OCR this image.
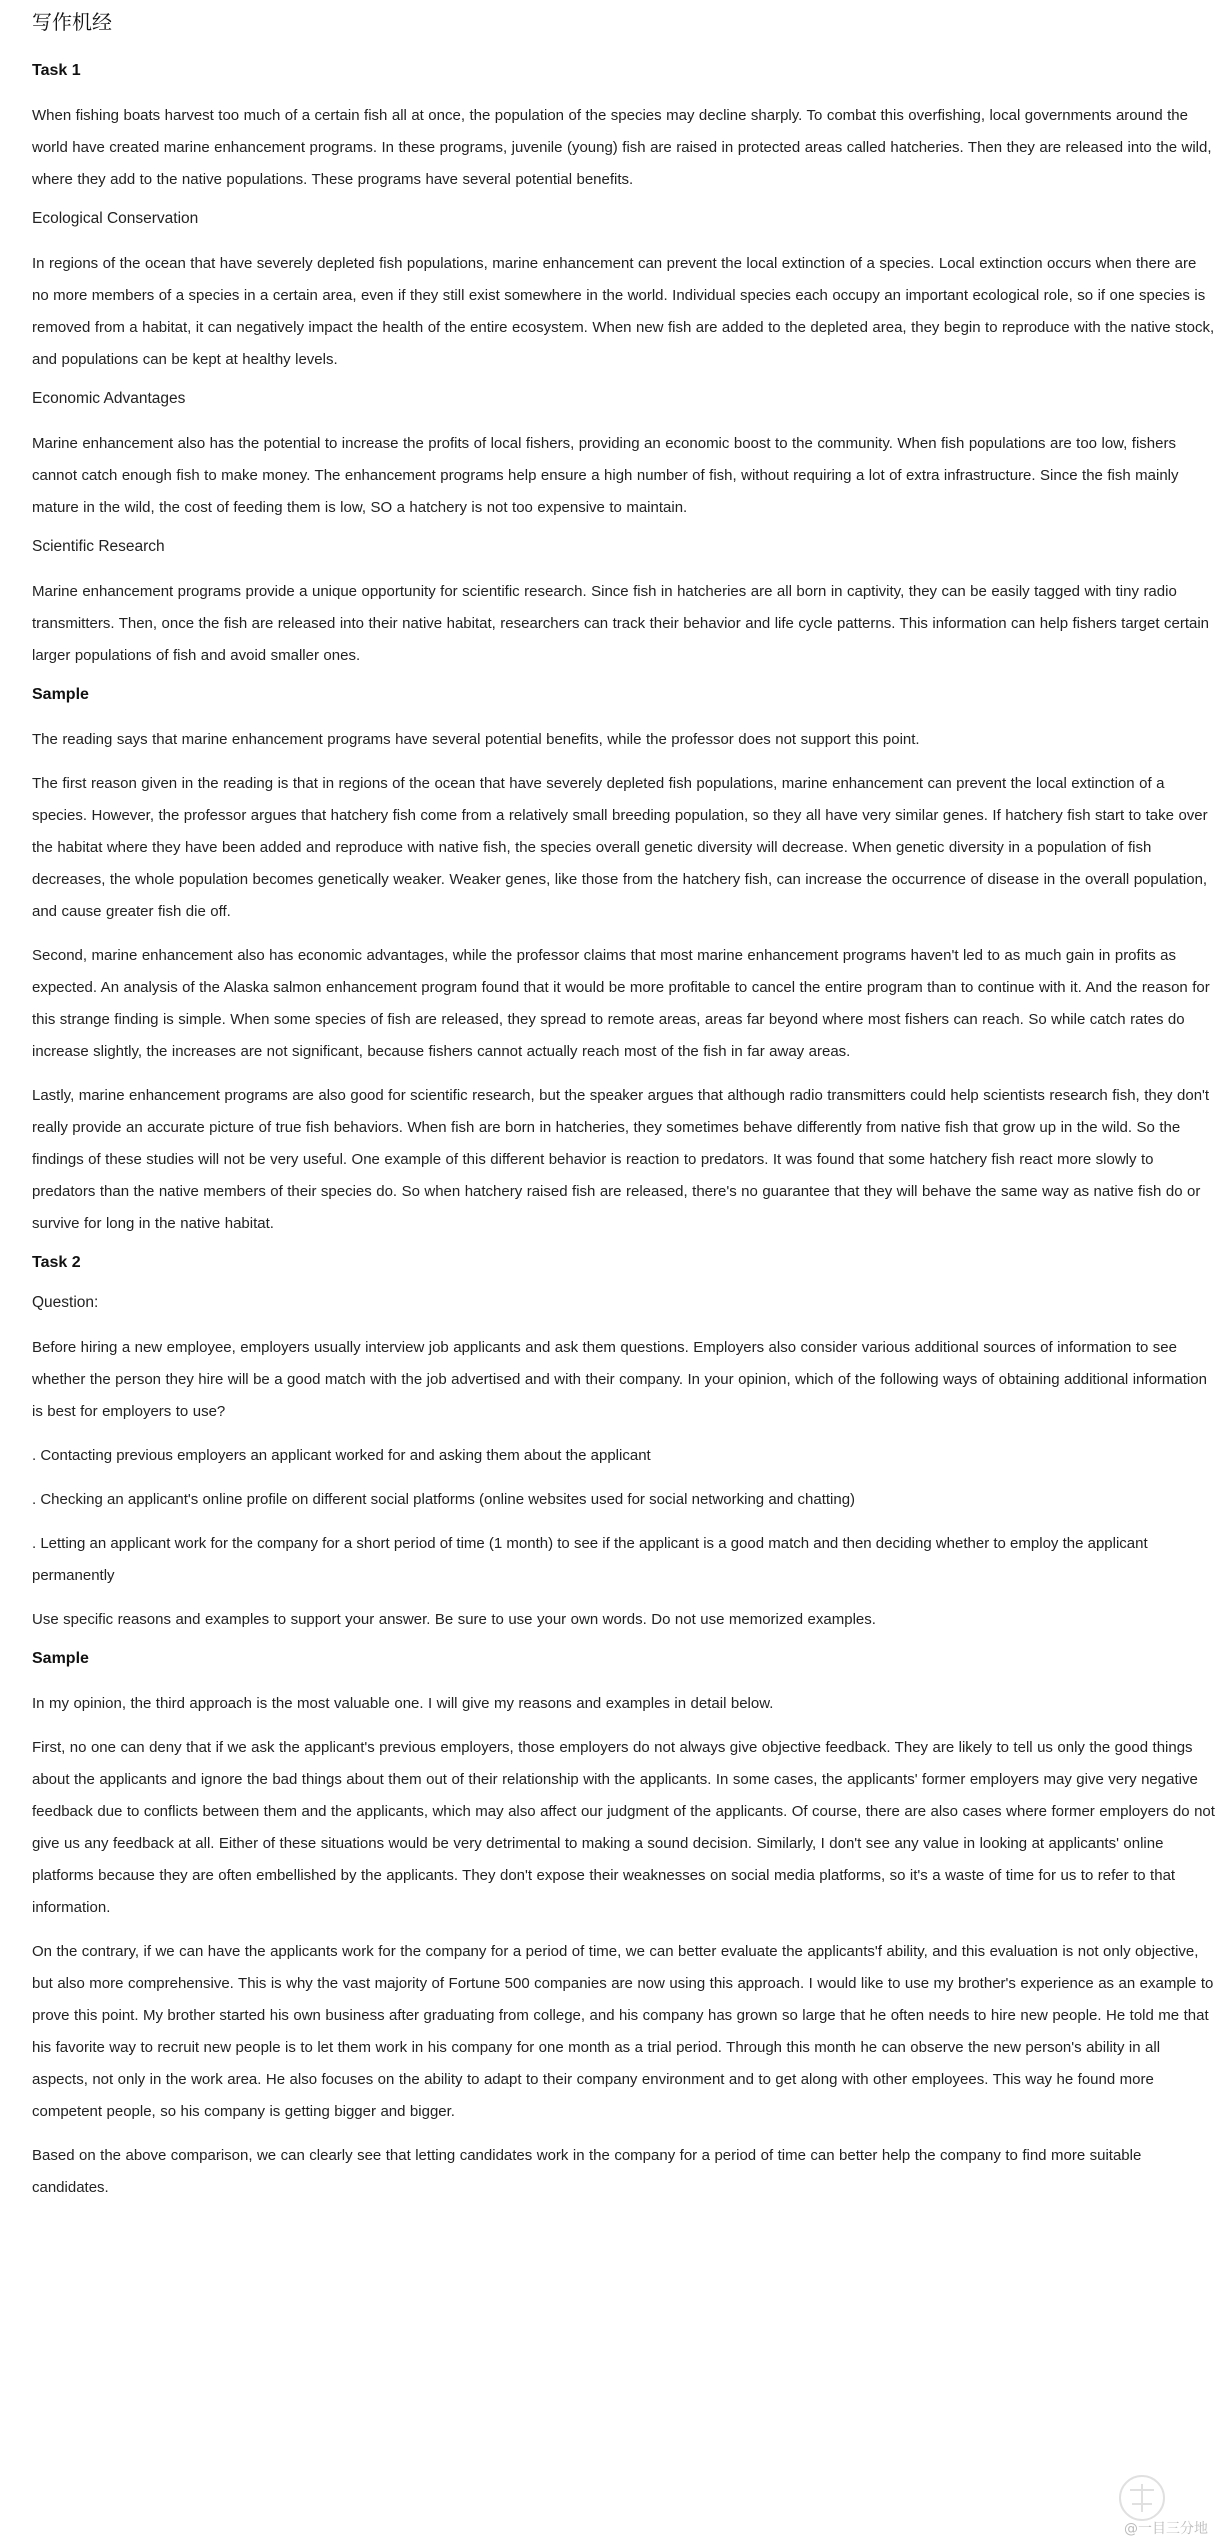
写作机经
Task 1

When fishing boats harvest too much of a certain fish all at once, the population of the species may decline sharply. To combat this overfishing, local governments around the world have created marine enhancement programs. In these programs, juvenile (young) fish are raised in protected areas called hatcheries. Then they are released into the wild, where they add to the native populations. These programs have several potential benefits.

Ecological Conservation

In regions of the ocean that have severely depleted fish populations, marine enhancement can prevent the local extinction of a species. Local extinction occurs when there are no more members of a species in a certain area, even if they still exist somewhere in the world. Individual species each occupy an important ecological role, so if one species is removed from a habitat, it can negatively impact the health of the entire ecosystem. When new fish are added to the depleted area, they begin to reproduce with the native stock, and populations can be kept at healthy levels.

Economic Advantages

Marine enhancement also has the potential to increase the profits of local fishers, providing an economic boost to the community. When fish populations are too low, fishers cannot catch enough fish to make money. The enhancement programs help ensure a high number of fish, without requiring a lot of extra infrastructure. Since the fish mainly mature in the wild, the cost of feeding them is low, SO a hatchery is not too expensive to maintain.

Scientific Research

Marine enhancement programs provide a unique opportunity for scientific research. Since fish in hatcheries are all born in captivity, they can be easily tagged with tiny radio transmitters. Then, once the fish are released into their native habitat, researchers can track their behavior and life cycle patterns. This information can help fishers target certain larger populations of fish and avoid smaller ones.

Sample

The reading says that marine enhancement programs have several potential benefits, while the professor does not support this point.

The first reason given in the reading is that in regions of the ocean that have severely depleted fish populations, marine enhancement can prevent the local extinction of a species. However, the professor argues that hatchery fish come from a relatively small breeding population, so they all have very similar genes. If hatchery fish start to take over the habitat where they have been added and reproduce with native fish, the species overall genetic diversity will decrease. When genetic diversity in a population of fish decreases, the whole population becomes genetically weaker. Weaker genes, like those from the hatchery fish, can increase the occurrence of disease in the overall population, and cause greater fish die off.

Second, marine enhancement also has economic advantages, while the professor claims that most marine enhancement programs haven't led to as much gain in profits as expected. An analysis of the Alaska salmon enhancement program found that it would be more profitable to cancel the entire program than to continue with it. And the reason for this strange finding is simple. When some species of fish are released, they spread to remote areas, areas far beyond where most fishers can reach. So while catch rates do increase slightly, the increases are not significant, because fishers cannot actually reach most of the fish in far away areas.

Lastly, marine enhancement programs are also good for scientific research, but the speaker argues that although radio transmitters could help scientists research fish, they don't really provide an accurate picture of true fish behaviors. When fish are born in hatcheries, they sometimes behave differently from native fish that grow up in the wild. So the findings of these studies will not be very useful. One example of this different behavior is reaction to predators. It was found that some hatchery fish react more slowly to predators than the native members of their species do. So when hatchery raised fish are released, there's no guarantee that they will behave the same way as native fish do or survive for long in the native habitat.

Task 2
Question:

Before hiring a new employee, employers usually interview job applicants and ask them questions. Employers also consider various additional sources of information to see whether the person they hire will be a good match with the job advertised and with their company. In your opinion, which of the following ways of obtaining additional information is best for employers to use?

. Contacting previous employers an applicant worked for and asking them about the applicant

. Checking an applicant's online profile on different social platforms (online websites used for social networking and chatting)

. Letting an applicant work for the company for a short period of time (1 month) to see if the applicant is a good match and then deciding whether to employ the applicant permanently

Use specific reasons and examples to support your answer. Be sure to use your own words. Do not use memorized examples.

Sample

In my opinion, the third approach is the most valuable one. I will give my reasons and examples in detail below.

First, no one can deny that if we ask the applicant's previous employers, those employers do not always give objective feedback. They are likely to tell us only the good things about the applicants and ignore the bad things about them out of their relationship with the applicants. In some cases, the applicants' former employers may give very negative feedback due to conflicts between them and the applicants, which may also affect our judgment of the applicants. Of course, there are also cases where former employers do not give us any feedback at all. Either of these situations would be very detrimental to making a sound decision. Similarly, I don't see any value in looking at applicants' online platforms because they are often embellished by the applicants. They don't expose their weaknesses on social media platforms, so it's a waste of time for us to refer to that information.

On the contrary, if we can have the applicants work for the company for a period of time, we can better evaluate the applicants'f ability, and this evaluation is not only objective, but also more comprehensive. This is why the vast majority of Fortune 500 companies are now using this approach. I would like to use my brother's experience as an example to prove this point. My brother started his own business after graduating from college, and his company has grown so large that he often needs to hire new people. He told me that his favorite way to recruit new people is to let them work in his company for one month as a trial period. Through this month he can observe the new person's ability in all aspects, not only in the work area. He also focuses on the ability to adapt to their company environment and to get along with other employees. This way he found more competent people, so his company is getting bigger and bigger.

Based on the above comparison, we can clearly see that letting candidates work in the company for a period of time can better help the company to find more suitable candidates.

@一目三分地
